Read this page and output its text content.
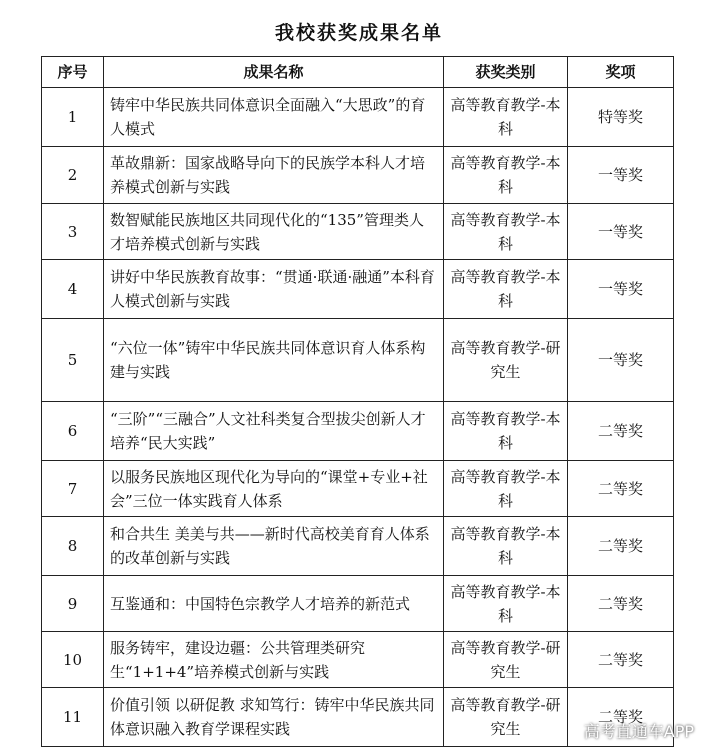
我校获奖成果名单
序号	成果名称	获奖类别	奖项
1	铸牢中华民族共同体意识全面融入“大思政”的育人模式	高等教育教学-本科	特等奖
2	革故鼎新：国家战略导向下的民族学本科人才培养模式创新与实践	高等教育教学-本科	一等奖
3	数智赋能民族地区共同现代化的“135”管理类人才培养模式创新与实践	高等教育教学-本科	一等奖
4	讲好中华民族教育故事：“贯通·联通·融通”本科育人模式创新与实践	高等教育教学-本科	一等奖
5	“六位一体”铸牢中华民族共同体意识育人体系构建与实践	高等教育教学-研究生	一等奖
6	“三阶”“三融合”人文社科类复合型拔尖创新人才培养“民大实践”	高等教育教学-本科	二等奖
7	以服务民族地区现代化为导向的“课堂+专业+社会”三位一体实践育人体系	高等教育教学-本科	二等奖
8	和合共生 美美与共——新时代高校美育育人体系的改革创新与实践	高等教育教学-本科	二等奖
9	互鉴通和：中国特色宗教学人才培养的新范式	高等教育教学-本科	二等奖
10	服务铸牢，建设边疆：公共管理类研究生“1+1+4”培养模式创新与实践	高等教育教学-研究生	二等奖
11	价值引领 以研促教 求知笃行：铸牢中华民族共同体意识融入教育学课程实践	高等教育教学-研究生	二等奖
高考直通车APP
